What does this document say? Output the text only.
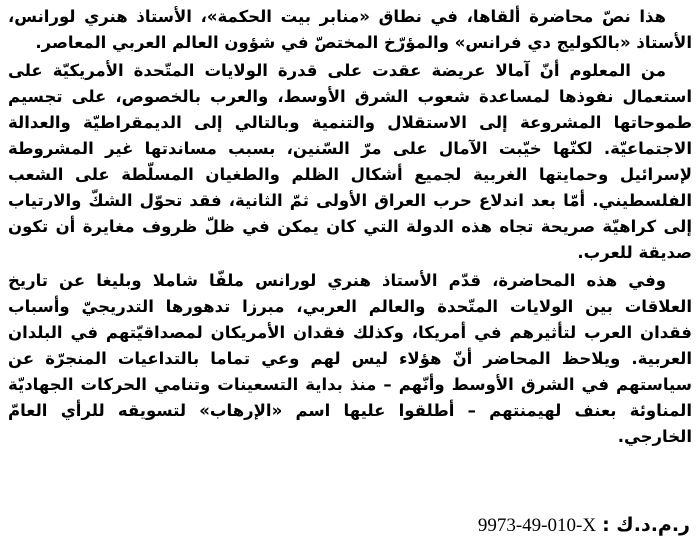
هذا نصّ محاضرة ألقاها، في نطاق «منابر بيت الحكمة»، الأستاذ هنري لورانس، الأستاذ «بالكوليج دي فرانس» والمؤرّخ المختصّ في شؤون العالم العربي المعاصر.

من المعلوم أنّ آمالا عريضة عقدت على قدرة الولايات المتّحدة الأمريكيّة على استعمال نفوذها لمساعدة شعوب الشرق الأوسط، والعرب بالخصوص، على تجسيم طموحاتها المشروعة إلى الاستقلال والتنمية وبالتالي إلى الديمقراطيّة والعدالة الاجتماعيّة. لكنّها خيّبت الآمال على مرّ السّنين، بسبب مساندتها غير المشروطة لإسرائيل وحمايتها الغربية لجميع أشكال الظلم والطغيان المسلّطة على الشعب الفلسطيني. أمّا بعد اندلاع حرب العراق الأولى ثمّ الثانية، فقد تحوّل الشكّ والارتياب إلى كراهيّة صريحة تجاه هذه الدولة التي كان يمكن في ظلّ ظروف مغايرة أن تكون صديقة للعرب.

وفي هذه المحاضرة، قدّم الأستاذ هنري لورانس ملفّا شاملا وبليغا عن تاريخ العلاقات بين الولايات المتّحدة والعالم العربي، مبرزا تدهورها التدريجيّ وأسباب فقدان العرب لتأثيرهم في أمريكا، وكذلك فقدان الأمريكان لمصداقيّتهم في البلدان العربية. ويلاحظ المحاضر أنّ هؤلاء ليس لهم وعي تماما بالتداعيات المنجرّة عن سياستهم في الشرق الأوسط وأنّهم – منذ بداية التسعينات وتنامي الحركات الجهاديّة المناوئة بعنف لهيمنتهم – أطلقوا عليها اسم «الإرهاب» لتسويقه للرأي العامّ الخارجي.

ر.م.د.ك : 9973-49-010-X
